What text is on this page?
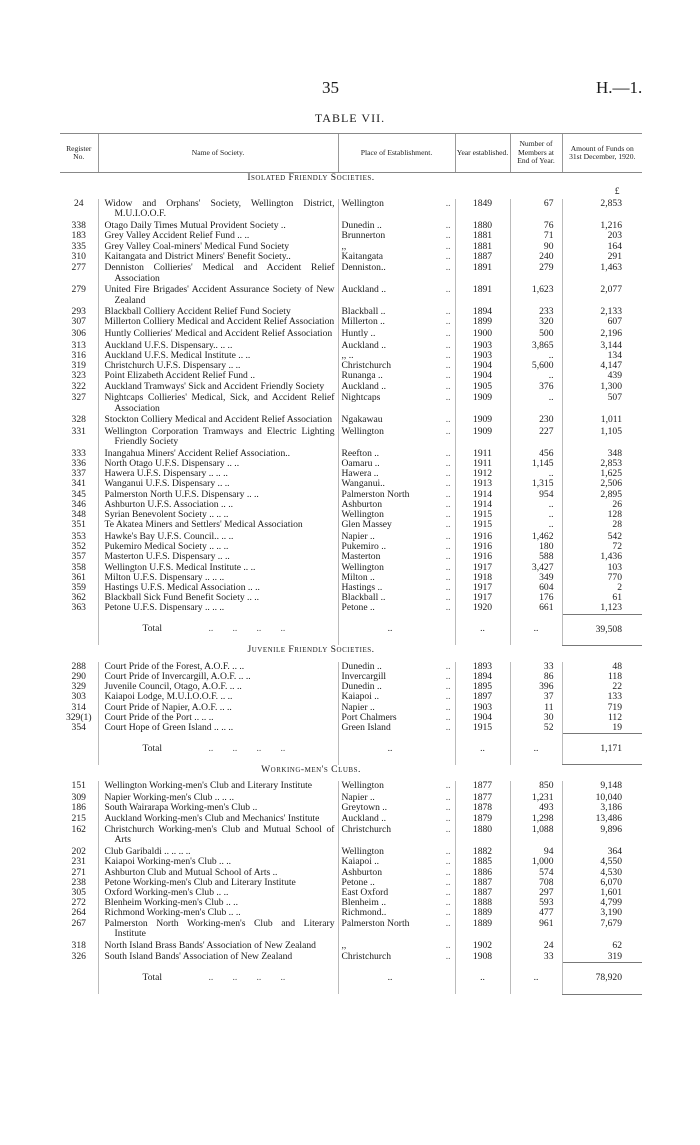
35	H.—1.
TABLE VII.
Register No.	Name of Society.	Place of Establishment.	Year established.	Number of Members at End of Year.	Amount of Funds on 31st December, 1920.
Isolated Friendly Societies.					£
24	Widow and Orphans' Society, Wellington District, M.U.I.O.O.F.	Wellington ..	1849	67	2,853
338	Otago Daily Times Mutual Provident Society ..	Dunedin .. ..	1880	76	1,216
183	Grey Valley Accident Relief Fund .. ..	Brunnerton ..	1881	71	203
335	Grey Valley Coal-miners' Medical Fund Society	,, ..	1881	90	164
310	Kaitangata and District Miners' Benefit Society..	Kaitangata ..	1887	240	291
277	Denniston Collieries' Medical and Accident Relief Association	Denniston.. ..	1891	279	1,463
279	United Fire Brigades' Accident Assurance Society of New Zealand	Auckland .. ..	1891	1,623	2,077
293	Blackball Colliery Accident Relief Fund Society	Blackball .. ..	1894	233	2,133
307	Millerton Colliery Medical and Accident Relief Association	Millerton .. ..	1899	320	607
306	Huntly Collieries' Medical and Accident Relief Association	Huntly .. ..	1900	500	2,196
313	Auckland U.F.S. Dispensary.. .. ..	Auckland .. ..	1903	3,865	3,144
316	Auckland U.F.S. Medical Institute .. ..	,, .. ..	1903	..	134
319	Christchurch U.F.S. Dispensary .. ..	Christchurch ..	1904	5,600	4,147
323	Point Elizabeth Accident Relief Fund ..	Runanga .. ..	1904	..	439
322	Auckland Tramways' Sick and Accident Friendly Society	Auckland .. ..	1905	376	1,300
327	Nightcaps Collieries' Medical, Sick, and Accident Relief Association	Nightcaps ..	1909	..	507
328	Stockton Colliery Medical and Accident Relief Association	Ngakawau ..	1909	230	1,011
331	Wellington Corporation Tramways and Electric Lighting Friendly Society	Wellington ..	1909	227	1,105
333	Inangahua Miners' Accident Relief Association..	Reefton .. ..	1911	456	348
336	North Otago U.F.S. Dispensary .. ..	Oamaru .. ..	1911	1,145	2,853
337	Hawera U.F.S. Dispensary .. .. ..	Hawera .. ..	1912	..	1,625
341	Wanganui U.F.S. Dispensary .. ..	Wanganui.. ..	1913	1,315	2,506
345	Palmerston North U.F.S. Dispensary .. ..	Palmerston North ..	1914	954	2,895
346	Ashburton U.F.S. Association .. ..	Ashburton ..	1914	..	26
348	Syrian Benevolent Society .. .. ..	Wellington ..	1915	..	128
351	Te Akatea Miners and Settlers' Medical Association	Glen Massey ..	1915	..	28
353	Hawke's Bay U.F.S. Council.. .. ..	Napier .. ..	1916	1,462	542
352	Pukemiro Medical Society .. .. ..	Pukemiro .. ..	1916	180	72
357	Masterton U.F.S. Dispensary .. ..	Masterton ..	1916	588	1,436
358	Wellington U.F.S. Medical Institute .. ..	Wellington ..	1917	3,427	103
361	Milton U.F.S. Dispensary .. .. ..	Milton .. ..	1918	349	770
359	Hastings U.F.S. Medical Association .. ..	Hastings .. ..	1917	604	2
362	Blackball Sick Fund Benefit Society .. ..	Blackball .. ..	1917	176	61
363	Petone U.F.S. Dispensary .. .. ..	Petone .. ..	1920	661	1,123
	Total ..	..	..	..	39,508
Juvenile Friendly Societies.					
288	Court Pride of the Forest, A.O.F. .. ..	Dunedin .. ..	1893	33	48
290	Court Pride of Invercargill, A.O.F. .. ..	Invercargill ..	1894	86	118
329	Juvenile Council, Otago, A.O.F. .. ..	Dunedin .. ..	1895	396	22
303	Kaiapoi Lodge, M.U.I.O.O.F. .. ..	Kaiapoi .. ..	1897	37	133
314	Court Pride of Napier, A.O.F. .. ..	Napier .. ..	1903	11	719
329(1)	Court Pride of the Port .. .. ..	Port Chalmers ..	1904	30	112
354	Court Hope of Green Island .. .. ..	Green Island ..	1915	52	19
	Total ..	..	..	..	1,171
Working-men's Clubs.					
151	Wellington Working-men's Club and Literary Institute	Wellington ..	1877	850	9,148
309	Napier Working-men's Club .. .. ..	Napier .. ..	1877	1,231	10,040
186	South Wairarapa Working-men's Club ..	Greytown .. ..	1878	493	3,186
215	Auckland Working-men's Club and Mechanics' Institute	Auckland .. ..	1879	1,298	13,486
162	Christchurch Working-men's Club and Mutual School of Arts	Christchurch ..	1880	1,088	9,896
202	Club Garibaldi .. .. .. ..	Wellington ..	1882	94	364
231	Kaiapoi Working-men's Club .. ..	Kaiapoi .. ..	1885	1,000	4,550
271	Ashburton Club and Mutual School of Arts ..	Ashburton ..	1886	574	4,530
238	Petone Working-men's Club and Literary Institute	Petone .. ..	1887	708	6,070
305	Oxford Working-men's Club .. ..	East Oxford ..	1887	297	1,601
272	Blenheim Working-men's Club .. ..	Blenheim .. ..	1888	593	4,799
264	Richmond Working-men's Club .. ..	Richmond.. ..	1889	477	3,190
267	Palmerston North Working-men's Club and Literary Institute	Palmerston North ..	1889	961	7,679
318	North Island Brass Bands' Association of New Zealand	,, ..	1902	24	62
326	South Island Bands' Association of New Zealand	Christchurch ..	1908	33	319
	Total ..	..	..	..	78,920
